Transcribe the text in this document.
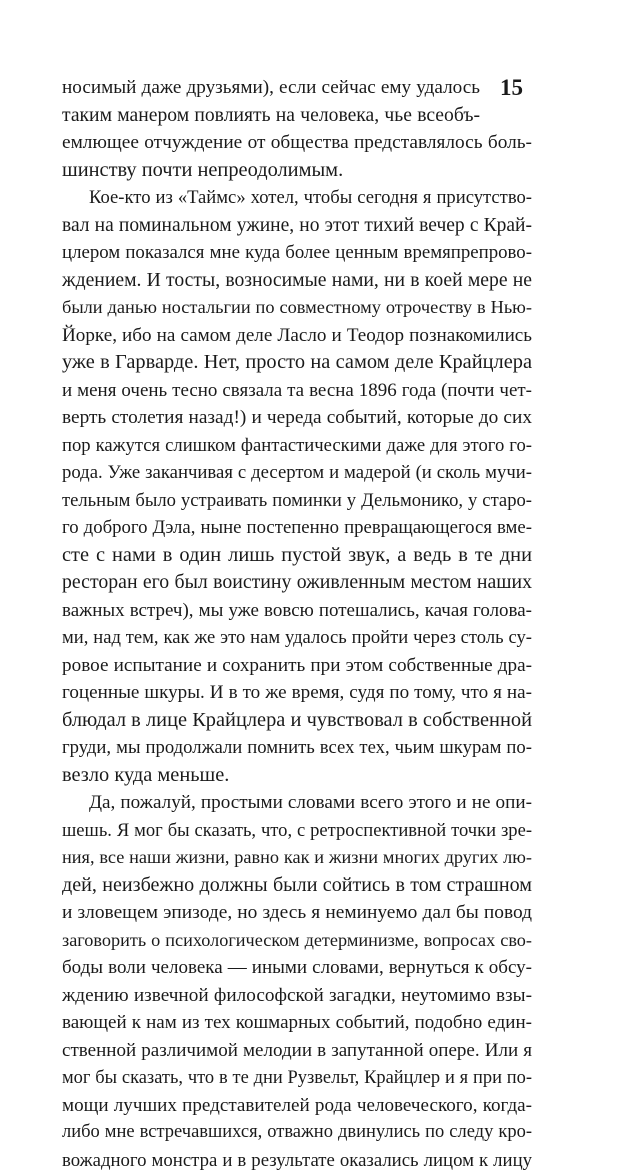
15
носимый даже друзьями), если сейчас ему удалось
таким манером повлиять на человека, чье всеобъ-
емлющее отчуждение от общества представлялось боль-
шинству почти непреодолимым.
Кое-кто из «Таймс» хотел, чтобы сегодня я присутство-
вал на поминальном ужине, но этот тихий вечер с Край-
цлером показался мне куда более ценным времяпрепрово-
ждением. И тосты, возносимые нами, ни в коей мере не
были данью ностальгии по совместному отрочеству в Нью-
Йорке, ибо на самом деле Ласло и Теодор познакомились
уже в Гарварде. Нет, просто на самом деле Крайцлера
и меня очень тесно связала та весна 1896 года (почти чет-
верть столетия назад!) и череда событий, которые до сих
пор кажутся слишком фантастическими даже для этого го-
рода. Уже заканчивая с десертом и мадерой (и сколь мучи-
тельным было устраивать поминки у Дельмонико, у старо-
го доброго Дэла, ныне постепенно превращающегося вме-
сте с нами в один лишь пустой звук, а ведь в те дни
ресторан его был воистину оживленным местом наших
важных встреч), мы уже вовсю потешались, качая голова-
ми, над тем, как же это нам удалось пройти через столь су-
ровое испытание и сохранить при этом собственные дра-
гоценные шкуры. И в то же время, судя по тому, что я на-
блюдал в лице Крайцлера и чувствовал в собственной
груди, мы продолжали помнить всех тех, чьим шкурам по-
везло куда меньше.
Да, пожалуй, простыми словами всего этого и не опи-
шешь. Я мог бы сказать, что, с ретроспективной точки зре-
ния, все наши жизни, равно как и жизни многих других лю-
дей, неизбежно должны были сойтись в том страшном
и зловещем эпизоде, но здесь я неминуемо дал бы повод
заговорить о психологическом детерминизме, вопросах сво-
боды воли человека — иными словами, вернуться к обсу-
ждению извечной философской загадки, неутомимо взы-
вающей к нам из тех кошмарных событий, подобно един-
ственной различимой мелодии в запутанной опере. Или я
мог бы сказать, что в те дни Рузвельт, Крайцлер и я при по-
мощи лучших представителей рода человеческого, когда-
либо мне встречавшихся, отважно двинулись по следу кро-
вожадного монстра и в результате оказались лицом к лицу
